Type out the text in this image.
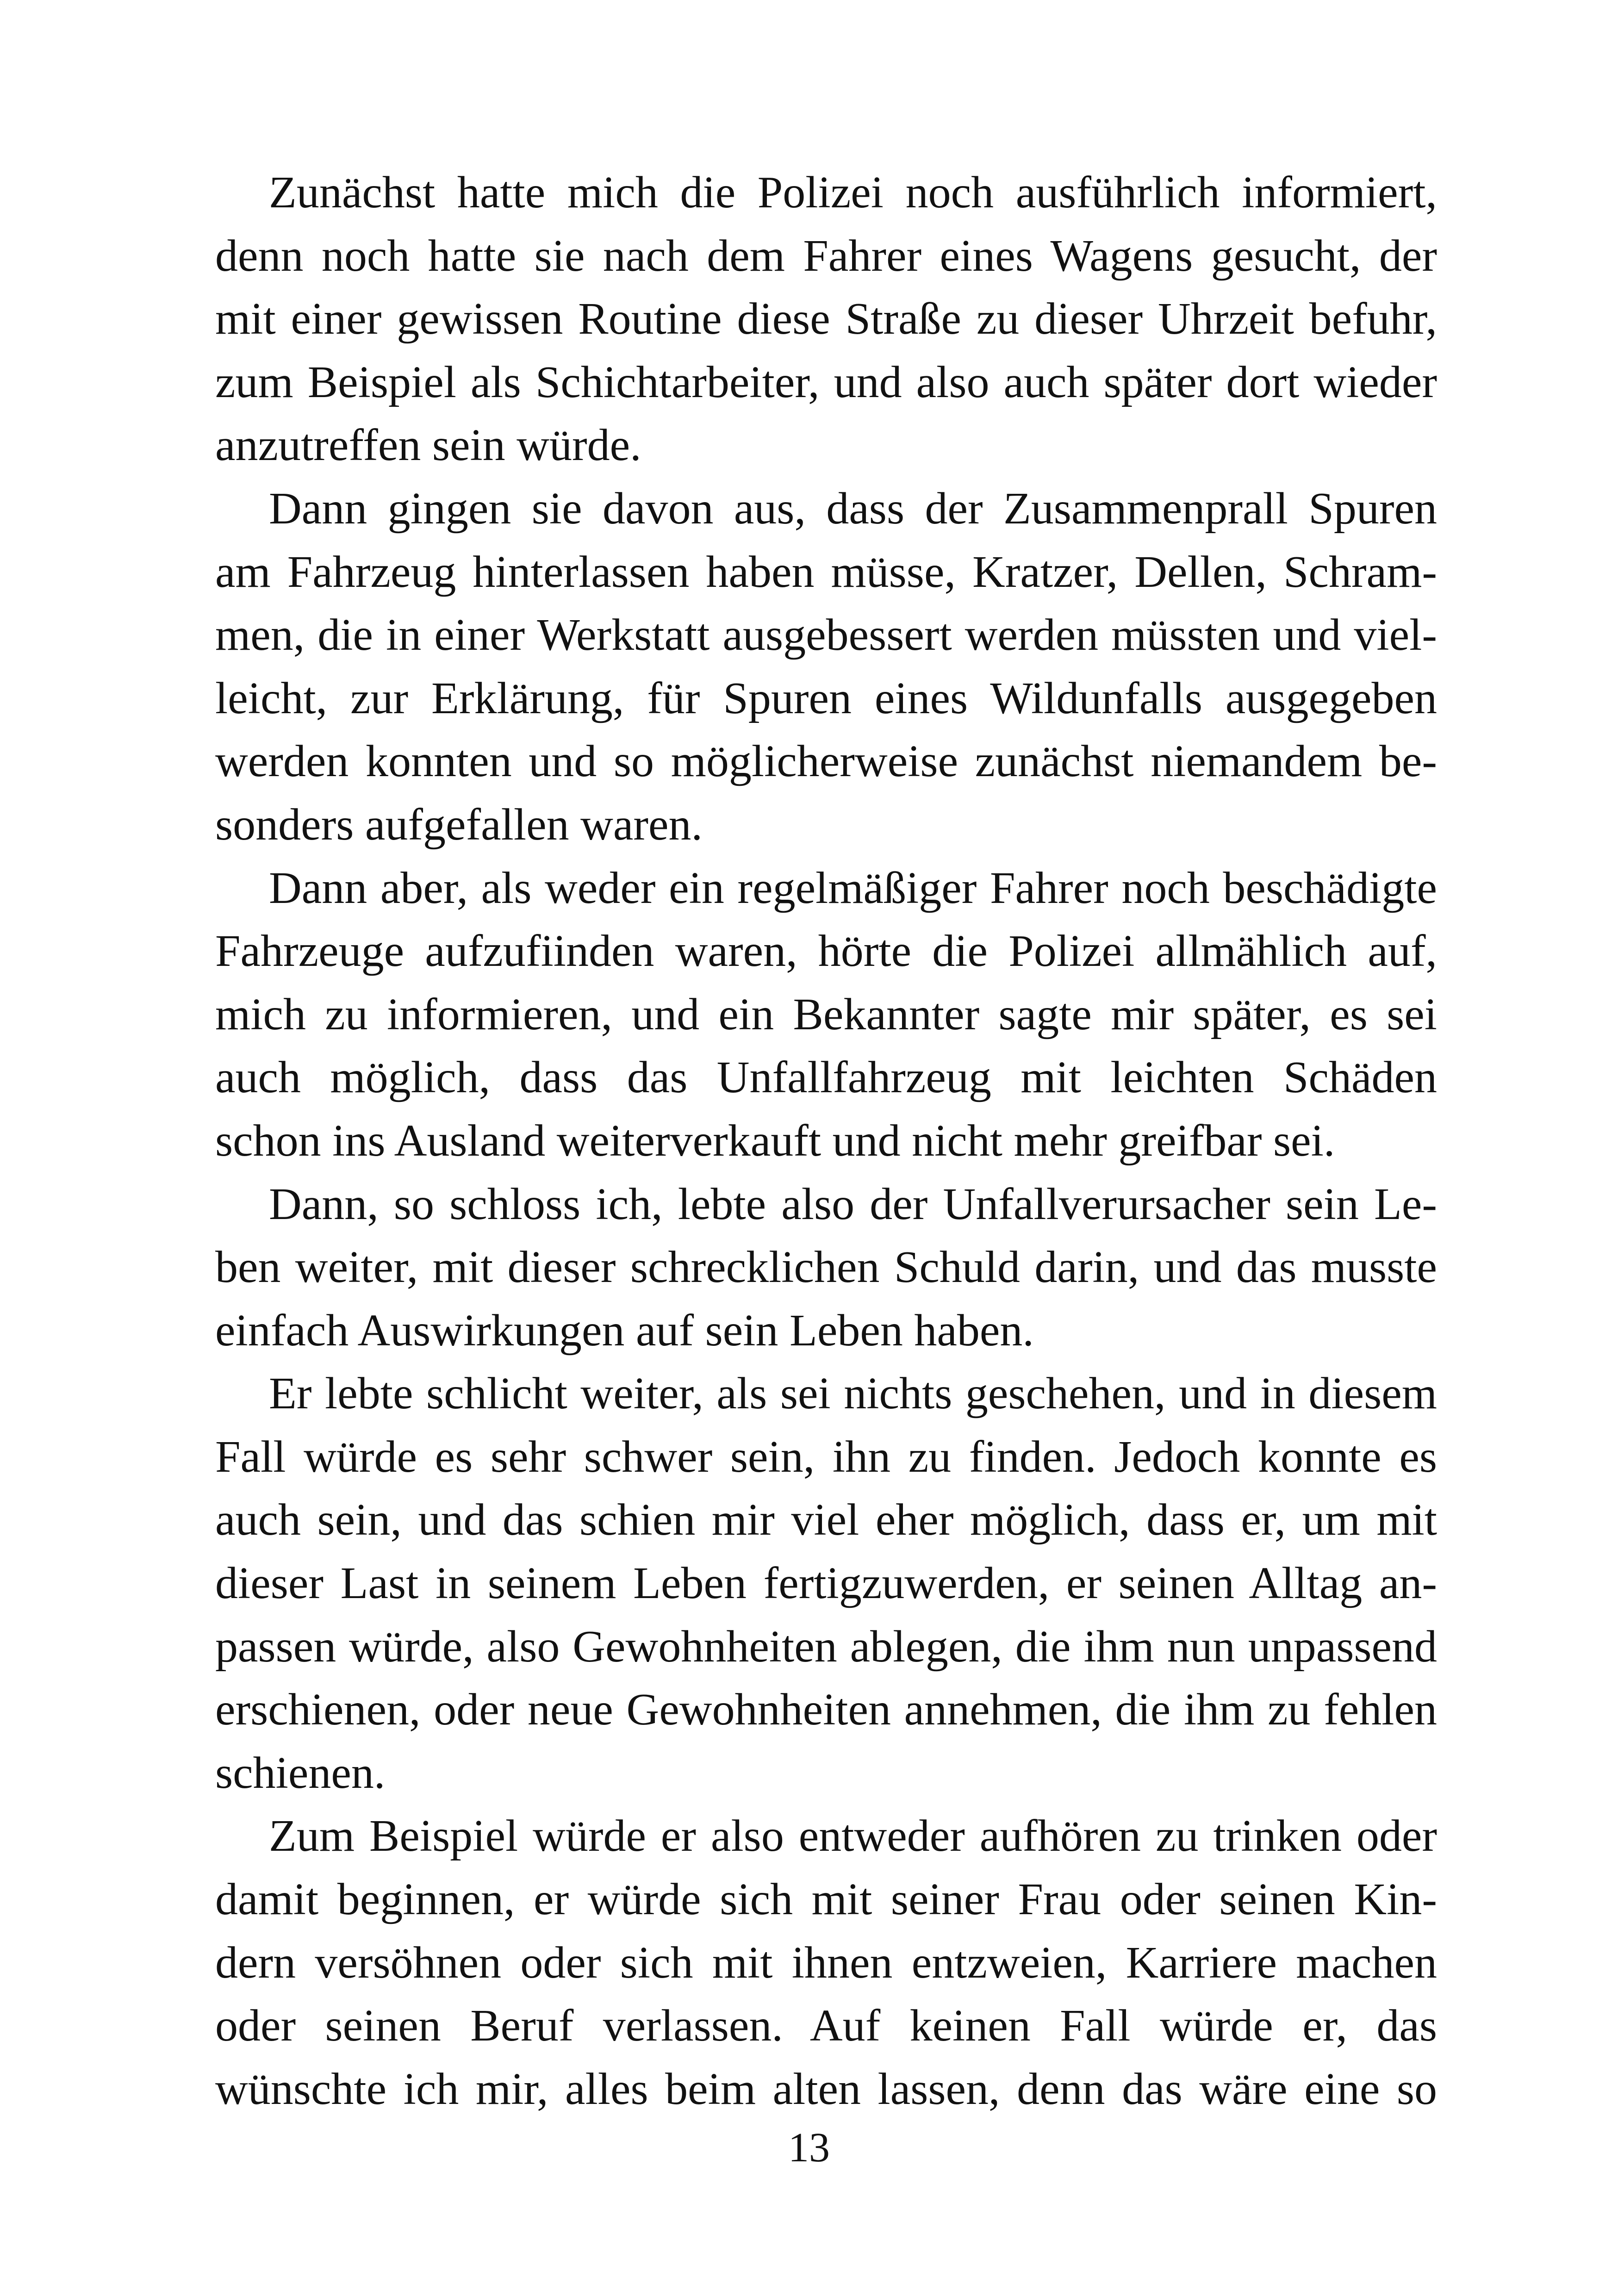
Zunächst hatte mich die Polizei noch ausführlich informiert,
denn noch hatte sie nach dem Fahrer eines Wagens gesucht, der
mit einer gewissen Routine diese Straße zu dieser Uhrzeit befuhr,
zum Beispiel als Schichtarbeiter, und also auch später dort wieder
anzutreffen sein würde.
Dann gingen sie davon aus, dass der Zusammenprall Spuren
am Fahrzeug hinterlassen haben müsse, Kratzer, Dellen, Schram-
men, die in einer Werkstatt ausgebessert werden müssten und viel-
leicht, zur Erklärung, für Spuren eines Wildunfalls ausgegeben
werden konnten und so möglicherweise zunächst niemandem be-
sonders aufgefallen waren.
Dann aber, als weder ein regelmäßiger Fahrer noch beschädigte
Fahrzeuge aufzufiinden waren, hörte die Polizei allmählich auf,
mich zu informieren, und ein Bekannter sagte mir später, es sei
auch möglich, dass das Unfallfahrzeug mit leichten Schäden
schon ins Ausland weiterverkauft und nicht mehr greifbar sei.
Dann, so schloss ich, lebte also der Unfallverursacher sein Le-
ben weiter, mit dieser schrecklichen Schuld darin, und das musste
einfach Auswirkungen auf sein Leben haben.
Er lebte schlicht weiter, als sei nichts geschehen, und in diesem
Fall würde es sehr schwer sein, ihn zu finden. Jedoch konnte es
auch sein, und das schien mir viel eher möglich, dass er, um mit
dieser Last in seinem Leben fertigzuwerden, er seinen Alltag an-
passen würde, also Gewohnheiten ablegen, die ihm nun unpassend
erschienen, oder neue Gewohnheiten annehmen, die ihm zu fehlen
schienen.
Zum Beispiel würde er also entweder aufhören zu trinken oder
damit beginnen, er würde sich mit seiner Frau oder seinen Kin-
dern versöhnen oder sich mit ihnen entzweien, Karriere machen
oder seinen Beruf verlassen. Auf keinen Fall würde er, das
wünschte ich mir, alles beim alten lassen, denn das wäre eine so
13
